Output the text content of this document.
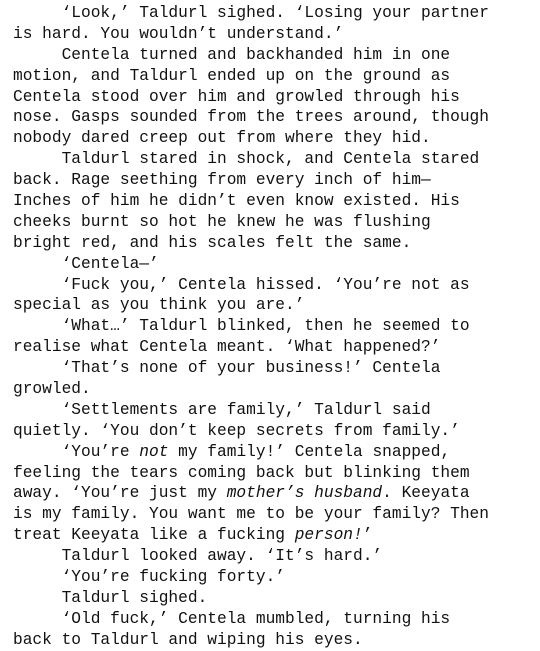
‘Look,’ Taldurl sighed. ‘Losing your partner
is hard. You wouldn’t understand.’
Centela turned and backhanded him in one
motion, and Taldurl ended up on the ground as
Centela stood over him and growled through his
nose. Gasps sounded from the trees around, though
nobody dared creep out from where they hid.
Taldurl stared in shock, and Centela stared
back. Rage seething from every inch of him—
Inches of him he didn’t even know existed. His
cheeks burnt so hot he knew he was flushing
bright red, and his scales felt the same.
‘Centela—’
‘Fuck you,’ Centela hissed. ‘You’re not as
special as you think you are.’
‘What…’ Taldurl blinked, then he seemed to
realise what Centela meant. ‘What happened?’
‘That’s none of your business!’ Centela
growled.
‘Settlements are family,’ Taldurl said
quietly. ‘You don’t keep secrets from family.’
‘You’re not my family!’ Centela snapped,
feeling the tears coming back but blinking them
away. ‘You’re just my mother’s husband. Keeyata
is my family. You want me to be your family? Then
treat Keeyata like a fucking person!’
Taldurl looked away. ‘It’s hard.’
‘You’re fucking forty.’
Taldurl sighed.
‘Old fuck,’ Centela mumbled, turning his
back to Taldurl and wiping his eyes.
